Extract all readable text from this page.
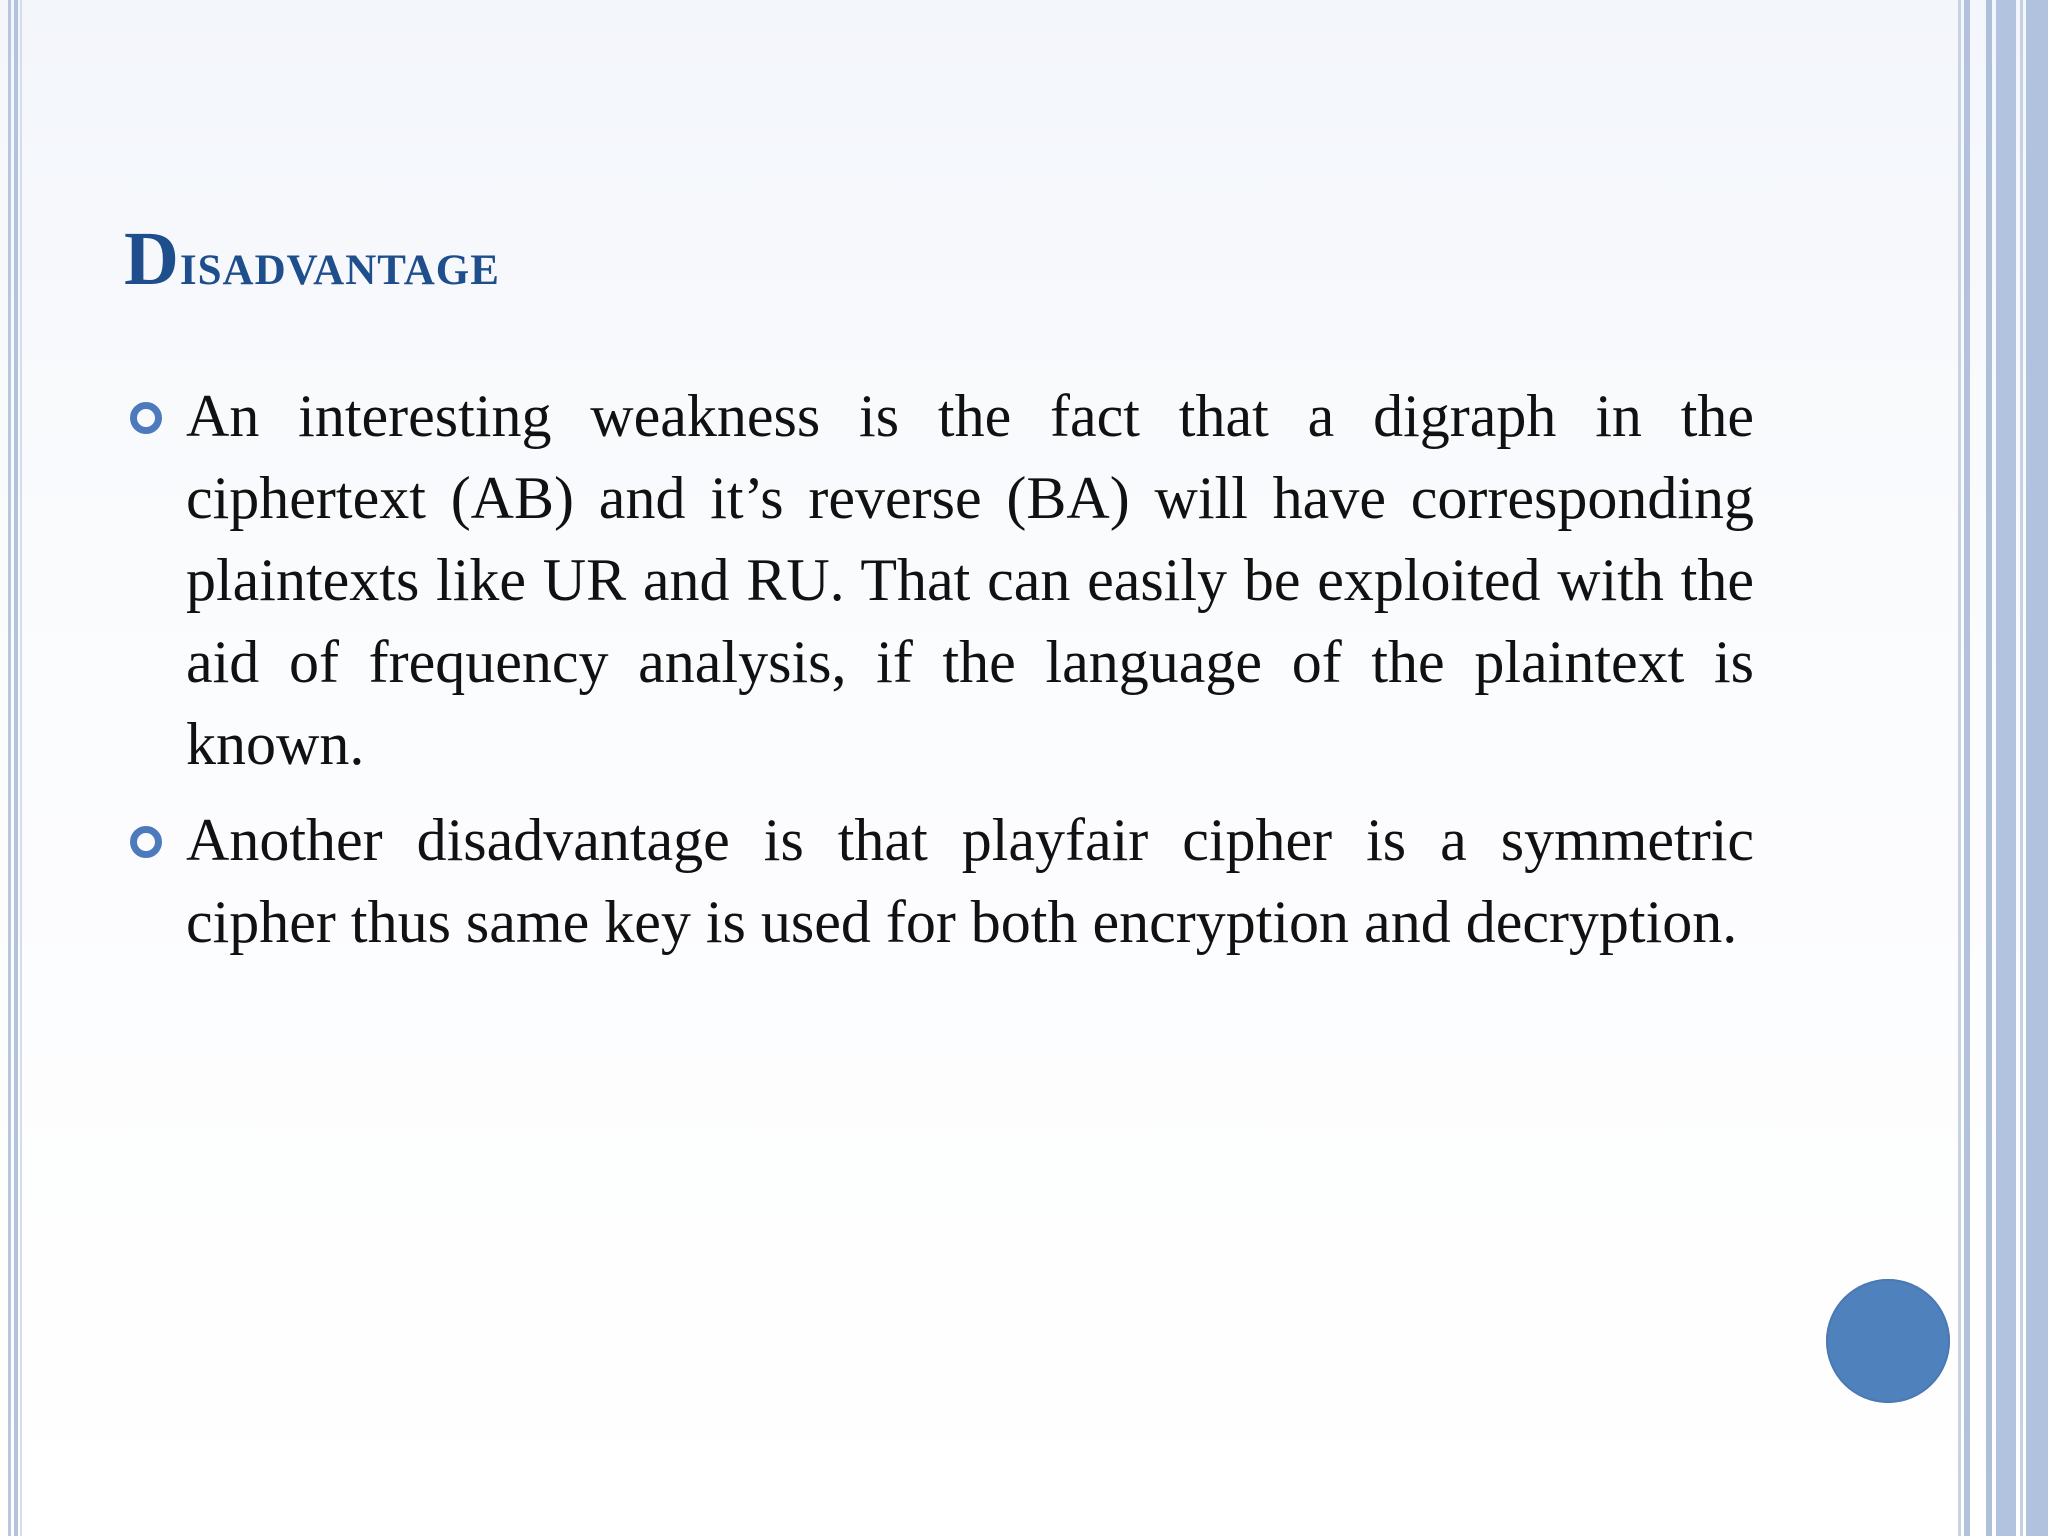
Disadvantage
An interesting weakness is the fact that a digraph in the ciphertext (AB) and it’s reverse (BA) will have corresponding plaintexts like UR and RU. That can easily be exploited with the aid of frequency analysis, if the language of the plaintext is known.
Another disadvantage is that playfair cipher is a symmetric cipher thus same key is used for both encryption and decryption.
